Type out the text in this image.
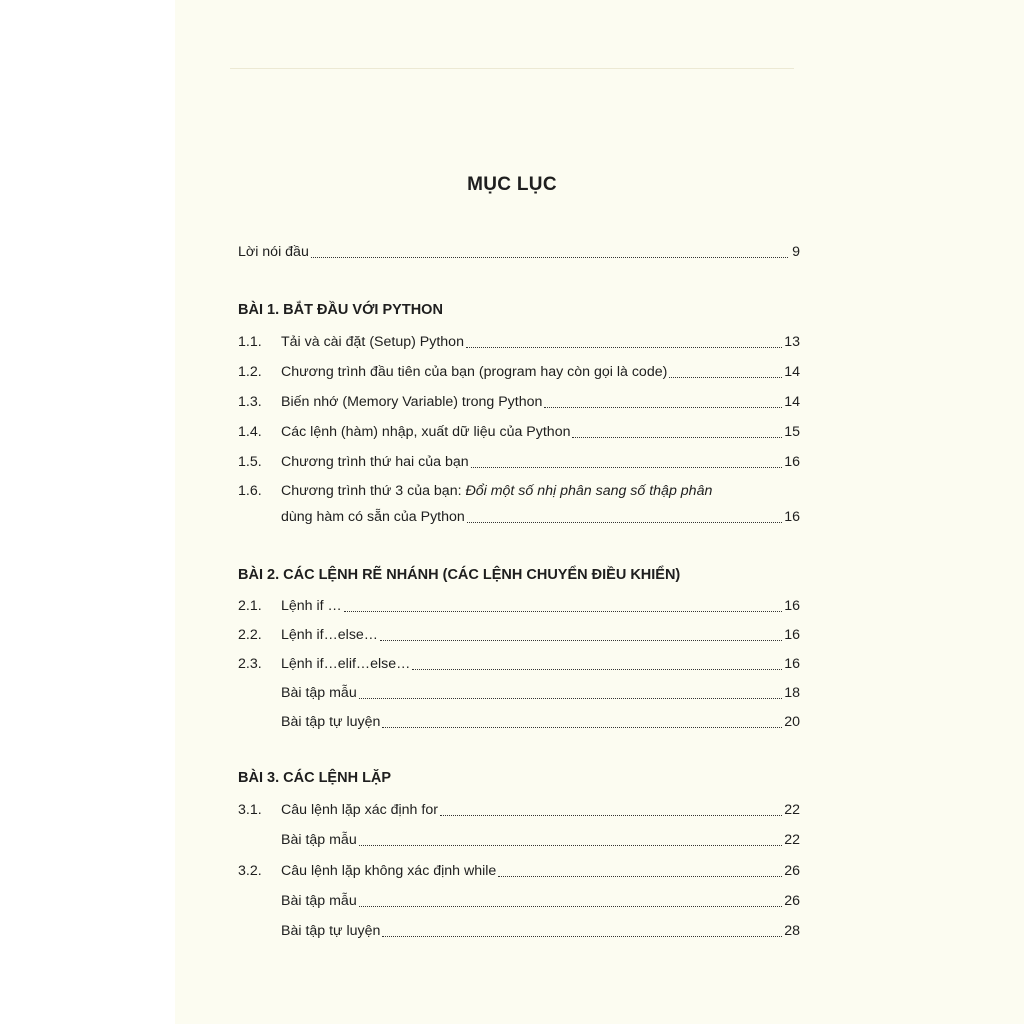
MỤC LỤC
Lời nói đầu	9
BÀI 1. BẮT ĐẦU VỚI PYTHON
1.1.	Tải và cài đặt (Setup) Python	13
1.2.	Chương trình đầu tiên của bạn (program hay còn gọi là code)	14
1.3.	Biến nhớ (Memory Variable) trong Python	14
1.4.	Các lệnh (hàm) nhập, xuất dữ liệu của Python	15
1.5.	Chương trình thứ hai của bạn	16
1.6.	Chương trình thứ 3 của bạn: Đổi một số nhị phân sang số thập phân
dùng hàm có sẵn của Python	16
BÀI 2. CÁC LỆNH RẼ NHÁNH (CÁC LỆNH CHUYỂN ĐIỀU KHIỂN)
2.1.	Lệnh if …	16
2.2.	Lệnh if…else…	16
2.3.	Lệnh if…elif…else…	16
Bài tập mẫu	18
Bài tập tự luyện	20
BÀI 3. CÁC LỆNH LẶP
3.1.	Câu lệnh lặp xác định for	22
Bài tập mẫu	22
3.2.	Câu lệnh lặp không xác định while	26
Bài tập mẫu	26
Bài tập tự luyện	28
